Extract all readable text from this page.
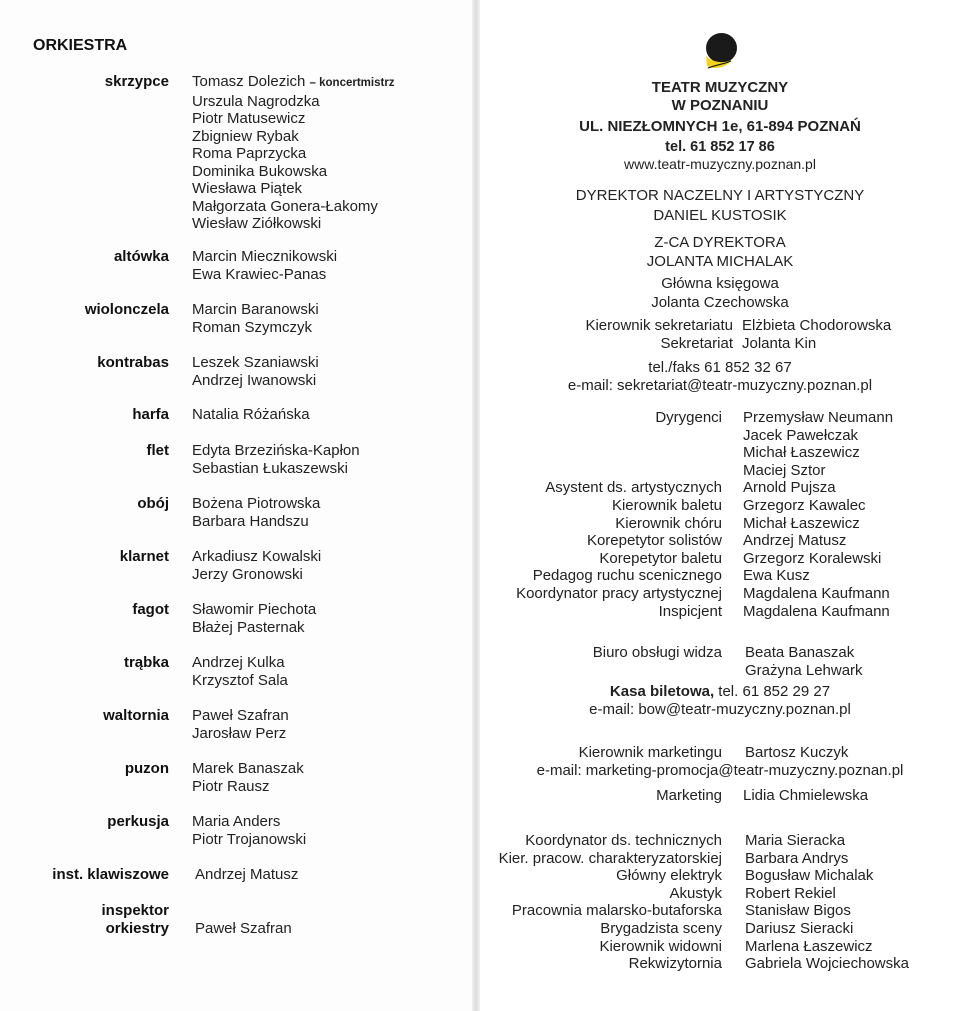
ORKIESTRA
skrzypce Tomasz Dolezich – koncertmistrz
Urszula Nagrodzka
Piotr Matusewicz
Zbigniew Rybak
Roma Paprzycka
Dominika Bukowska
Wiesława Piątek
Małgorzata Gonera-Łakomy
Wiesław Ziółkowski
altówka Marcin Miecznikowski
Ewa Krawiec-Panas
wiolonczela Marcin Baranowski
Roman Szymczyk
kontrabas Leszek Szaniawski
Andrzej Iwanowski
harfa Natalia Różańska
flet Edyta Brzezińska-Kapłon
Sebastian Łukaszewski
obój Bożena Piotrowska
Barbara Handszu
klarnet Arkadiusz Kowalski
Jerzy Gronowski
fagot Sławomir Piechota
Błażej Pasternak
trąbka Andrzej Kulka
Krzysztof Sala
waltornia Paweł Szafran
Jarosław Perz
puzon Marek Banaszak
Piotr Rausz
perkusja Maria Anders
Piotr Trojanowski
inst. klawiszowe Andrzej Matusz
inspektor
orkiestry Paweł Szafran
TEATR MUZYCZNY
W POZNANIU
UL. NIEZŁOMNYCH 1e, 61-894 POZNAŃ
tel. 61 852 17 86
www.teatr-muzyczny.poznan.pl
DYREKTOR NACZELNY I ARTYSTYCZNY
DANIEL KUSTOSIK
Z-CA DYREKTORA
JOLANTA MICHALAK
Główna księgowa
Jolanta Czechowska
Kierownik sekretariatu Elżbieta Chodorowska
Sekretariat Jolanta Kin
tel./faks 61 852 32 67
e-mail: sekretariat@teatr-muzyczny.poznan.pl
Dyrygenci Przemysław Neumann
Jacek Pawełczak
Michał Łaszewicz
Maciej Sztor
Asystent ds. artystycznych Arnold Pujsza
Kierownik baletu Grzegorz Kawalec
Kierownik chóru Michał Łaszewicz
Korepetytor solistów Andrzej Matusz
Korepetytor baletu Grzegorz Koralewski
Pedagog ruchu scenicznego Ewa Kusz
Koordynator pracy artystycznej Magdalena Kaufmann
Inspicjent Magdalena Kaufmann
Biuro obsługi widza Beata Banaszak
Grażyna Lehwark
Kasa biletowa, tel. 61 852 29 27
e-mail: bow@teatr-muzyczny.poznan.pl
Kierownik marketingu Bartosz Kuczyk
e-mail: marketing-promocja@teatr-muzyczny.poznan.pl
Marketing Lidia Chmielewska
Koordynator ds. technicznych Maria Sieracka
Kier. pracow. charakteryzatorskiej Barbara Andrys
Główny elektryk Bogusław Michalak
Akustyk Robert Rekiel
Pracownia malarsko-butaforska Stanisław Bigos
Brygadzista sceny Dariusz Sieracki
Kierownik widowni Marlena Łaszewicz
Rekwizytornia Gabriela Wojciechowska
